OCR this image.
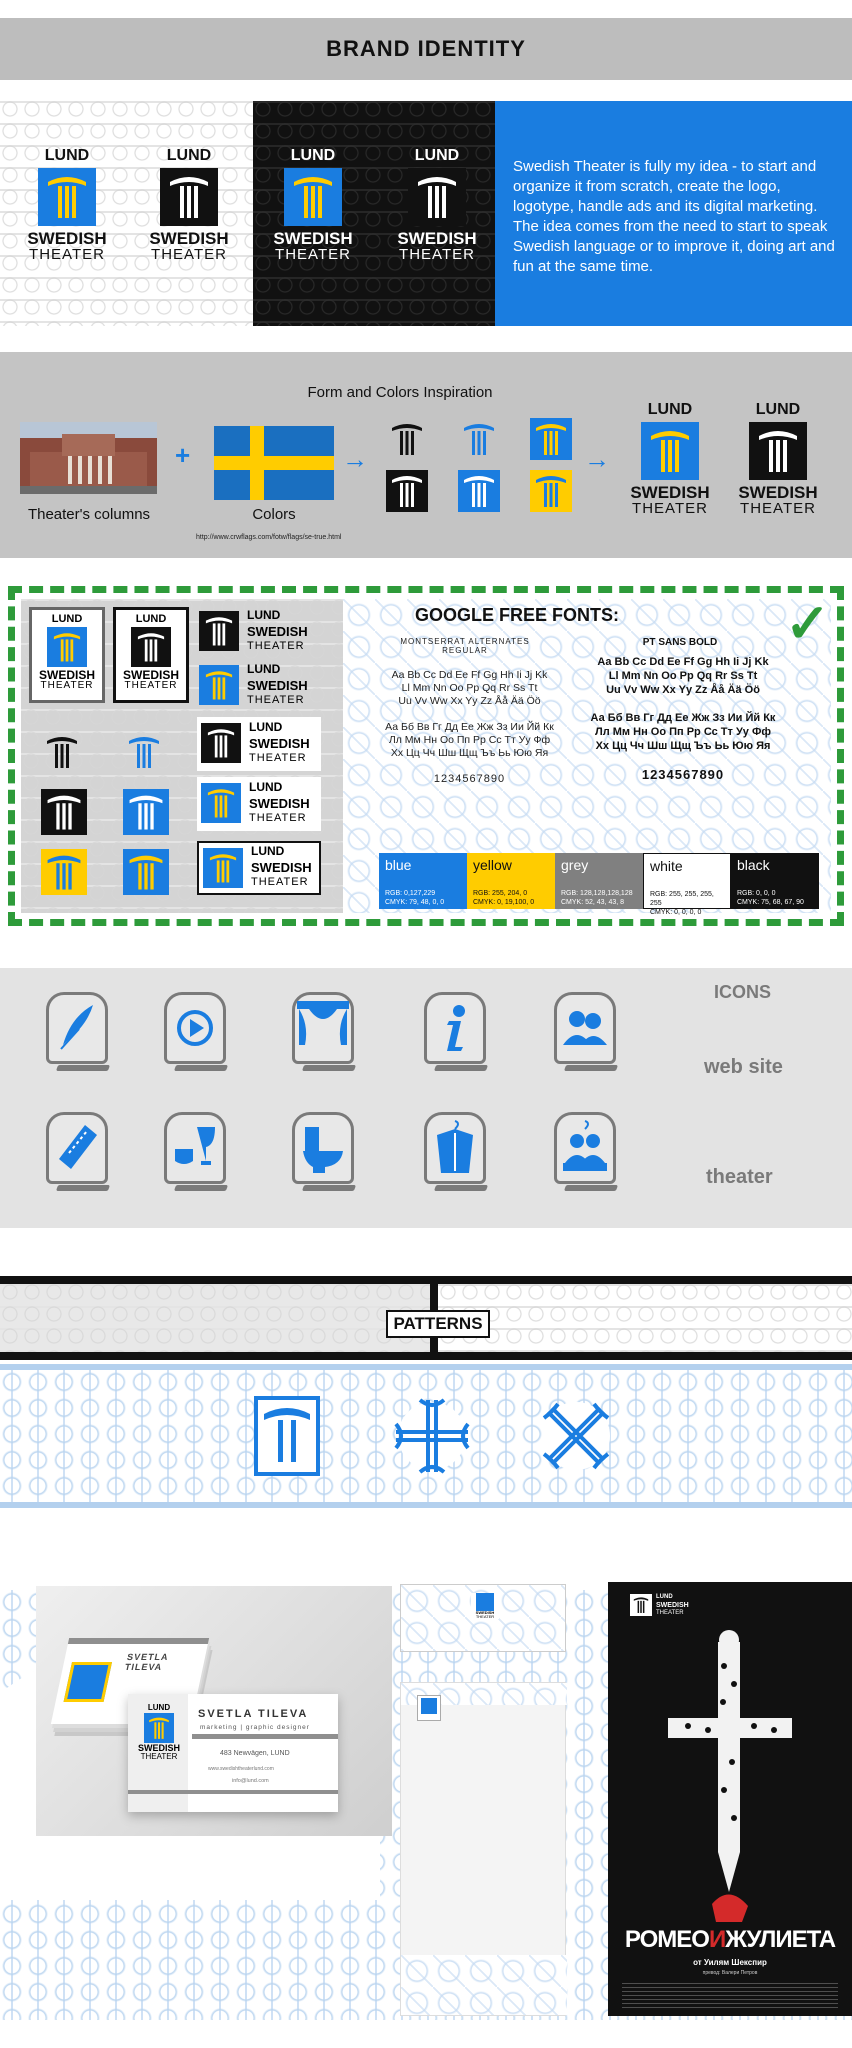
BRAND IDENTITY
Swedish Theater is fully my idea - to start and organize it from scratch, create the logo, logotype, handle ads and its digital marketing. The idea comes from the need to start to speak Swedish language or to improve it, doing art and fun at the same time.
LUND
SWEDISH
THEATER
LUND
SWEDISH
THEATER
LUND
SWEDISH
THEATER
LUND
SWEDISH
THEATER
Form and Colors Inspiration
Theater's columns
+
Colors
http://www.crwflags.com/fotw/flags/se-true.html
→	→
LUND
SWEDISH
THEATER
LUND
SWEDISH
THEATER
LUND
SWEDISH
THEATER
LUND
SWEDISH
THEATER
LUND
SWEDISH
THEATER
LUND
SWEDISH
THEATER
LUND
SWEDISH
THEATER
LUND
SWEDISH
THEATER
LUND
SWEDISH
THEATER
GOOGLE FREE FONTS:
MONTSERRAT ALTERNATES
REGULAR
Aa Bb Cc Dd Ee Ff Gg Hh Ii Jj Kk
Ll Mm Nn Oo Pp Qq Rr Ss Tt
Uu Vv Ww Xx Yy Zz Åå Ää Öö
Аа Бб Вв Гг Дд Ее Жж Зз Ии Йй Кк
Лл Мм Нн Оо Пп Рр Сс Тт Уу Фф
Хх Цц Чч Шш Щщ Ъъ Ьь Юю Яя
1234567890
PT SANS BOLD
Aa Bb Cc Dd Ee Ff Gg Hh Ii Jj Kk
Ll Mm Nn Oo Pp Qq Rr Ss Tt
Uu Vv Ww Xx Yy Zz Åå Ää Öö
Аа Бб Вв Гг Дд Ее Жж Зз Ии Йй Кк
Лл Мм Нн Оо Пп Рр Сс Тт Уу Фф
Хх Цц Чч Шш Щщ Ъъ Ьь Юю Яя
1234567890
✓
blue
RGB: 0,127,229
CMYK: 79, 48, 0, 0
yellow
RGB: 255, 204, 0
CMYK: 0, 19,100, 0
grey
RGB: 128,128,128,128
CMYK: 52, 43, 43, 8
white
RGB: 255, 255, 255, 255
CMYK: 0, 0, 0, 0
black
RGB: 0, 0, 0
CMYK: 75, 68, 67, 90
ICONS
web site
theater
PATTERNS
SVETLA TILEVA
LUND
SWEDISH
THEATER
SVETLA TILEVA
marketing | graphic designer
483 Newvägen, LUND
www.swedishtheaterlund.com
info@lund.com
SWEDISH
THEATER
LUND
SWEDISH
THEATER
РОМЕОИЖУЛИЕТА
от Уилям Шекспир
превод: Валери Петров
